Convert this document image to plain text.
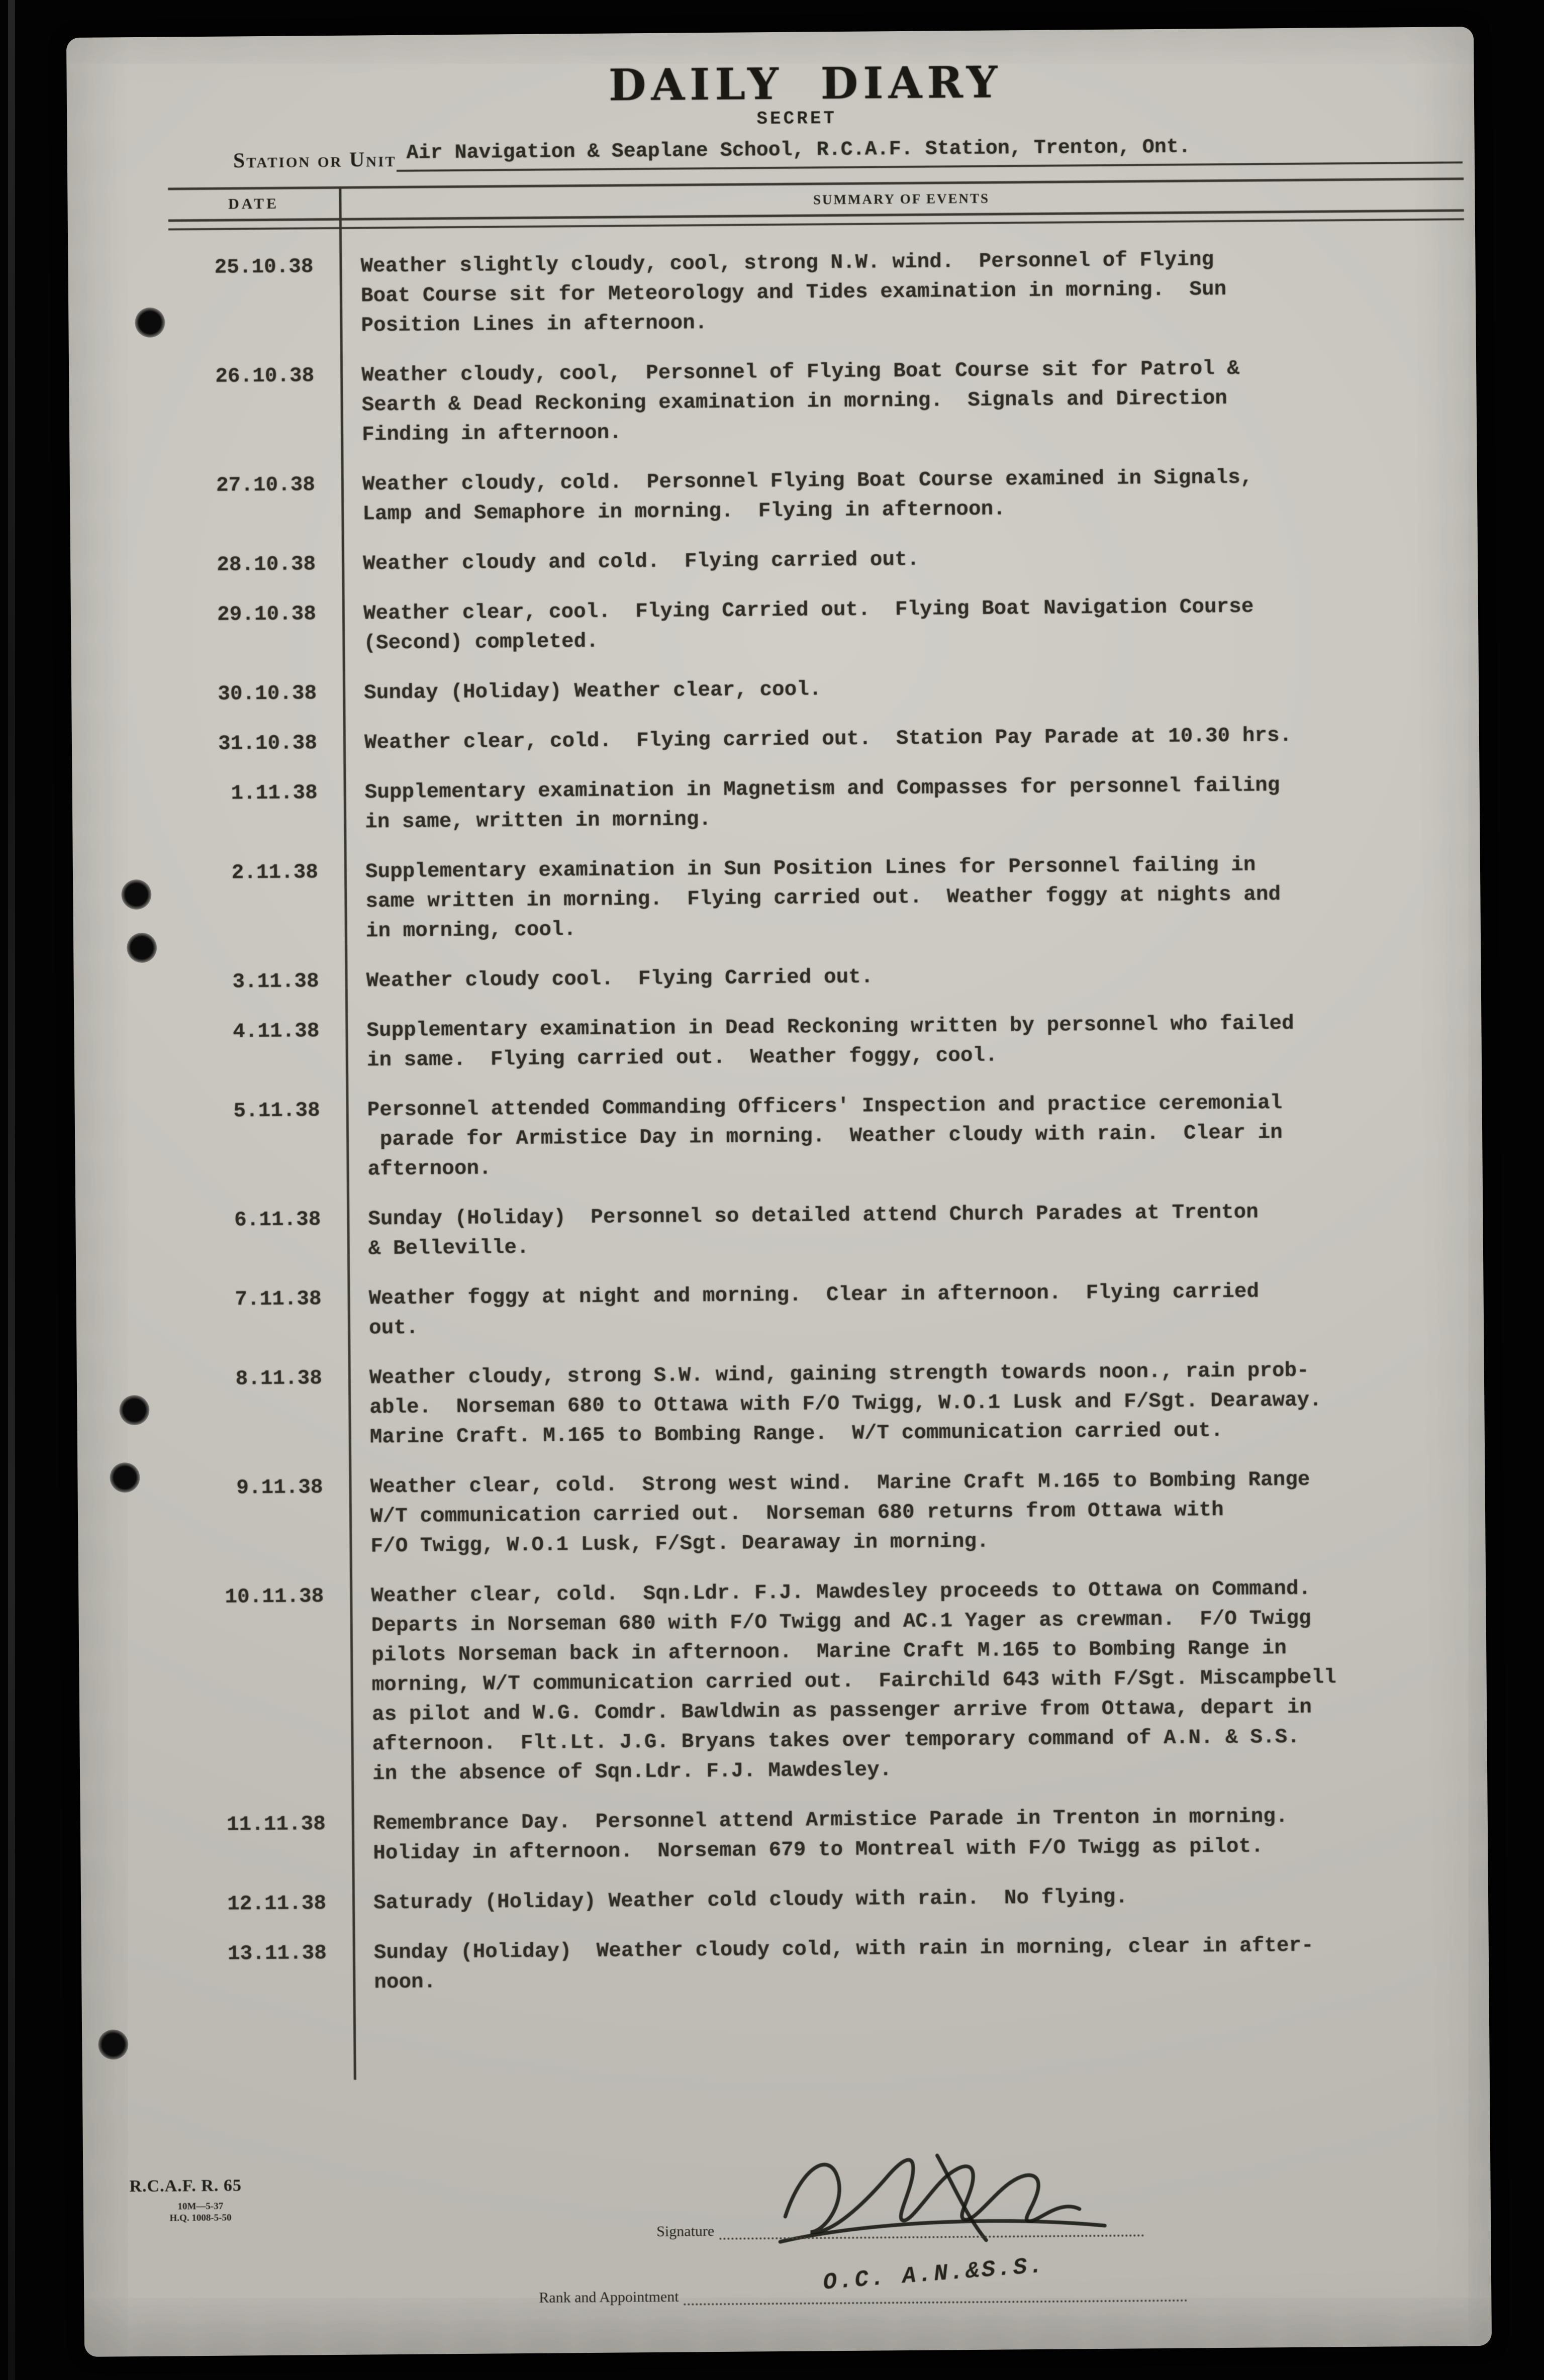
DAILY DIARY
SECRET
Station or Unit Air Navigation & Seaplane School, R.C.A.F. Station, Trenton, Ont.
DATE	SUMMARY OF EVENTS
25.10.38	Weather slightly cloudy, cool, strong N.W. wind.  Personnel of Flying
Boat Course sit for Meteorology and Tides examination in morning.  Sun
Position Lines in afternoon.
26.10.38	Weather cloudy, cool,  Personnel of Flying Boat Course sit for Patrol &
Searth & Dead Reckoning examination in morning.  Signals and Direction
Finding in afternoon.
27.10.38	Weather cloudy, cold.  Personnel Flying Boat Course examined in Signals,
Lamp and Semaphore in morning.  Flying in afternoon.
28.10.38	Weather cloudy and cold.  Flying carried out.
29.10.38	Weather clear, cool.  Flying Carried out.  Flying Boat Navigation Course
(Second) completed.
30.10.38	Sunday (Holiday) Weather clear, cool.
31.10.38	Weather clear, cold.  Flying carried out.  Station Pay Parade at 10.30 hrs.
1.11.38	Supplementary examination in Magnetism and Compasses for personnel failing
in same, written in morning.
2.11.38	Supplementary examination in Sun Position Lines for Personnel failing in
same written in morning.  Flying carried out.  Weather foggy at nights and
in morning, cool.
3.11.38	Weather cloudy cool.  Flying Carried out.
4.11.38	Supplementary examination in Dead Reckoning written by personnel who failed
in same.  Flying carried out.  Weather foggy, cool.
5.11.38	Personnel attended Commanding Officers' Inspection and practice ceremonial
parade for Armistice Day in morning.  Weather cloudy with rain.  Clear in
afternoon.
6.11.38	Sunday (Holiday)  Personnel so detailed attend Church Parades at Trenton
& Belleville.
7.11.38	Weather foggy at night and morning.  Clear in afternoon.  Flying carried
out.
8.11.38	Weather cloudy, strong S.W. wind, gaining strength towards noon., rain prob-
able.  Norseman 680 to Ottawa with F/O Twigg, W.O.1 Lusk and F/Sgt. Dearaway.
Marine Craft. M.165 to Bombing Range.  W/T communication carried out.
9.11.38	Weather clear, cold.  Strong west wind.  Marine Craft M.165 to Bombing Range
W/T communication carried out.  Norseman 680 returns from Ottawa with
F/O Twigg, W.O.1 Lusk, F/Sgt. Dearaway in morning.
10.11.38	Weather clear, cold.  Sqn.Ldr. F.J. Mawdesley proceeds to Ottawa on Command.
Departs in Norseman 680 with F/O Twigg and AC.1 Yager as crewman.  F/O Twigg
pilots Norseman back in afternoon.  Marine Craft M.165 to Bombing Range in
morning, W/T communication carried out.  Fairchild 643 with F/Sgt. Miscampbell
as pilot and W.G. Comdr. Bawldwin as passenger arrive from Ottawa, depart in
afternoon.  Flt.Lt. J.G. Bryans takes over temporary command of A.N. & S.S.
in the absence of Sqn.Ldr. F.J. Mawdesley.
11.11.38	Remembrance Day.  Personnel attend Armistice Parade in Trenton in morning.
Holiday in afternoon.  Norseman 679 to Montreal with F/O Twigg as pilot.
12.11.38	Saturady (Holiday) Weather cold cloudy with rain.  No flying.
13.11.38	Sunday (Holiday)  Weather cloudy cold, with rain in morning, clear in after-
noon.
R.C.A.F. R. 65
10M—5-37
H.Q. 1008-5-50
Signature
O.C. A.N.&S.S.
Rank and Appointment
